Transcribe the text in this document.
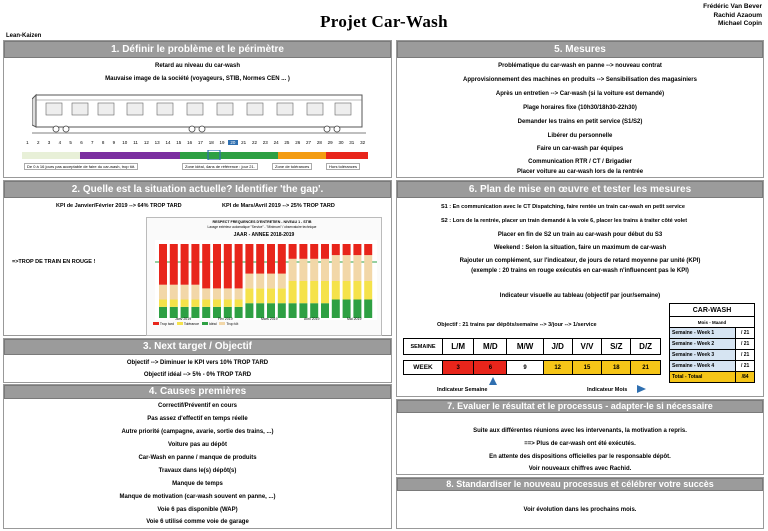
Projet Car-Wash
Frédéric Van Bever
Rachid Azaoum
Michael Copin
Lean-Kaizen
1. Définir le problème et le périmètre
Retard au niveau du car-wash
Mauvaise image de la société (voyageurs, STIB, Normes CEN ... )
1	2	3	4	5	6	7	8	9	10	11	12	13	14	15	16	17	18	19	20	21	22	23	24	25	26	27	28	29	30	31	32
De 0 à 16 jours pas acceptable de faire du car-wash, trop tôt.	Zone idéal, 4ans de référence : jour 21.	Zone de tolérances	Hors tolérances
2. Quelle est la situation actuelle? Identifier 'the gap'.
KPI de Janvier/Février 2019 --> 64% TROP TARD	KPI de Mars/Avril 2019 --> 25% TROP TARD
=>TROP DE TRAIN EN ROUGE !
RESPECT FREQUENCES D'ENTRETIEN - NIVEAU 1 - STIB
Lavage extérieur automatique "Service" - "Minimum" / observatoire technique
JAAR - ANNEE 2018-2019
Janv 2019	Fév 2019	Mars 2019	Avril 2019	Mai 2019
Trop tard	Tolérance	Idéal	Trop tôt
3. Next target / Objectif
Objectif --> Diminuer le KPI vers 10% TROP TARD
Objectif idéal --> 5% - 0% TROP TARD
4. Causes premières
Correctif/Préventif en cours
Pas assez d'effectif en temps réelle
Autre priorité (campagne, avarie, sortie des trains, ...)
Voiture pas au dépôt
Car-Wash en panne / manque de produits
Travaux dans le(s) dépôt(s)
Manque de temps
Manque de motivation (car-wash souvent en panne, ...)
Voie 6 pas disponible (WAP)
Voie 6 utilisé comme voie de garage
5. Mesures
Problématique du car-wash en panne --> nouveau contrat
Approvisionnement des machines en produits --> Sensibilisation des magasiniers
Après un entretien --> Car-wash (si la voiture est demandé)
Plage horaires fixe (10h30/18h30-22h30)
Demander les trains en petit service (S1/S2)
Libérer du personnelle
Faire un car-wash par équipes
Communication RTR / CT / Brigadier
Placer voiture au car-wash lors de la rentrée
6. Plan de mise en œuvre et tester les mesures
S1 : En communication avec le CT Dispatching, faire rentée un train car-wash en petit service
S2 : Lors de la rentrée, placer un train demandé à la voie 6, placer les trains à traiter côté volet
Placer en fin de S2 un train au car-wash pour début du S3
Weekend : Selon la situation, faire un maximum de car-wash
Rajouter un complément, sur l'indicateur, de jours de retard moyenne par unité (KPI)
(exemple : 20 trains en rouge exécutés en car-wash n'influencent pas le KPI)
Indicateur visuelle au tableau (objectif par jour/semaine)
Objectif : 21 trains par dépôts/semaine --> 3/jour --> 1/service
SEMAINE	L/M	M/D	M/W	J/D	V/V	S/Z	D/Z

WEEK	3	6	9	12	15	18	21
Indicateur Semaine	Indicateur Mois
CAR-WASH	
Mois - Maand	
Semaine - Week 1	/ 21
Semaine - Week 2	/ 21
Semaine - Week 3	/ 21
Semaine - Week 4	/ 21
Total - Totaal	/84
7. Evaluer le résultat et le processus - adapter-le si nécessaire
Suite aux différentes réunions avec les intervenants, la motivation a repris.
==> Plus de car-wash ont été exécutés.
En attente des dispositions officielles par le responsable dépôt.
Voir nouveaux chiffres avec Rachid.
8. Standardiser le nouveau processus et célébrer votre succès
Voir évolution dans les prochains mois.
